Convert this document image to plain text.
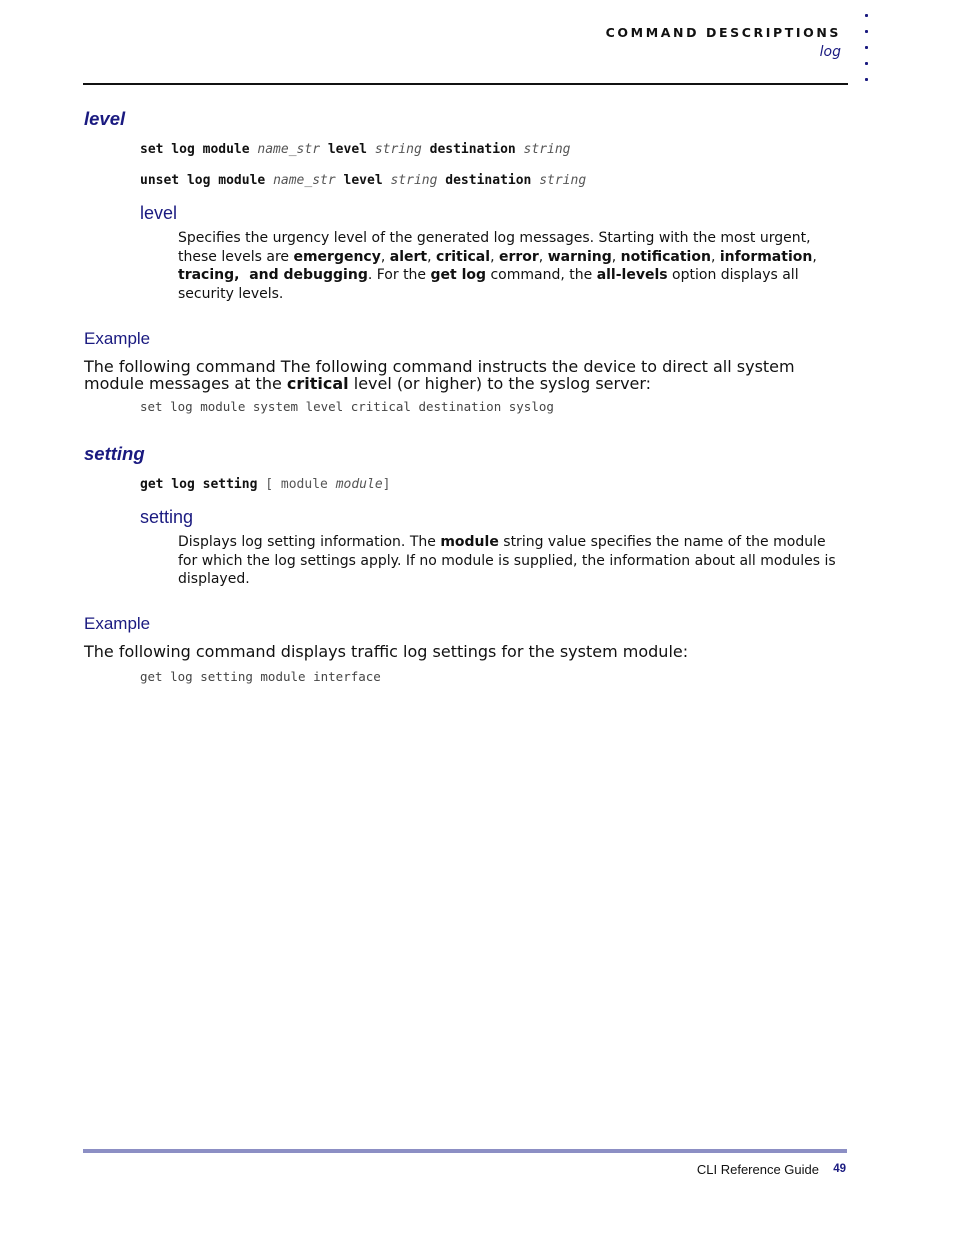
COMMAND DESCRIPTIONS
log
level
set log module name_str level string destination string
unset log module name_str level string destination string
level
Specifies the urgency level of the generated log messages. Starting with the most urgent, these levels are emergency, alert, critical, error, warning, notification, information, tracing,  and debugging. For the get log command, the all-levels option displays all security levels.
Example
The following command The following command instructs the device to direct all system module messages at the critical level (or higher) to the syslog server:
set log module system level critical destination syslog
setting
get log setting [ module module]
setting
Displays log setting information. The module string value specifies the name of the module for which the log settings apply. If no module is supplied, the information about all modules is displayed.
Example
The following command displays traffic log settings for the system module:
get log setting module interface
CLI Reference Guide 49
